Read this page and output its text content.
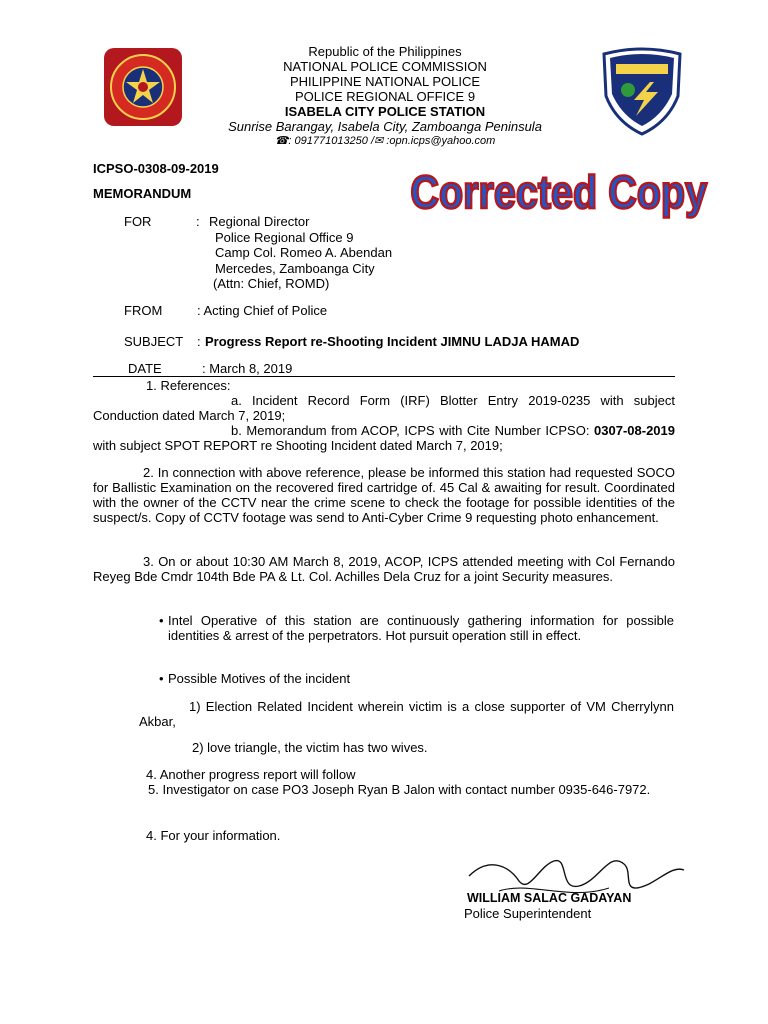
Republic of the Philippines
NATIONAL POLICE COMMISSION
PHILIPPINE NATIONAL POLICE
POLICE REGIONAL OFFICE 9
ISABELA CITY POLICE STATION
Sunrise Barangay, Isabela City, Zamboanga Peninsula
☎: 091771013250 /✉ :opn.icps@yahoo.com
Corrected Copy
ICPSO-0308-09-2019
MEMORANDUM
FOR	: Regional Director
Police Regional Office 9
Camp Col. Romeo A. Abendan
Mercedes, Zamboanga City
(Attn: Chief, ROMD)
FROM	: Acting Chief of Police
SUBJECT : Progress Report re-Shooting Incident JIMNU LADJA HAMAD
DATE	: March 8, 2019
1. References:
a. Incident Record Form (IRF) Blotter Entry 2019-0235 with subject Conduction dated March 7, 2019;
b. Memorandum from ACOP, ICPS with Cite Number ICPSO: 0307-08-2019 with subject SPOT REPORT re Shooting Incident dated March 7, 2019;
2. In connection with above reference, please be informed this station had requested SOCO for Ballistic Examination on the recovered fired cartridge of. 45 Cal & awaiting for result. Coordinated with the owner of the CCTV near the crime scene to check the footage for possible identities of the suspect/s. Copy of CCTV footage was send to Anti-Cyber Crime 9 requesting photo enhancement.
3. On or about 10:30 AM March 8, 2019, ACOP, ICPS attended meeting with Col Fernando Reyeg Bde Cmdr 104th Bde PA & Lt. Col. Achilles Dela Cruz for a joint Security measures.
• Intel Operative of this station are continuously gathering information for possible identities & arrest of the perpetrators. Hot pursuit operation still in effect.
• Possible Motives of the incident
1) Election Related Incident wherein victim is a close supporter of VM Cherrylynn Akbar,
2) love triangle, the victim has two wives.
4. Another progress report will follow
5. Investigator on case PO3 Joseph Ryan B Jalon with contact number 0935-646-7972.
4. For your information.
WILLIAM SALAC GADAYAN
Police Superintendent
